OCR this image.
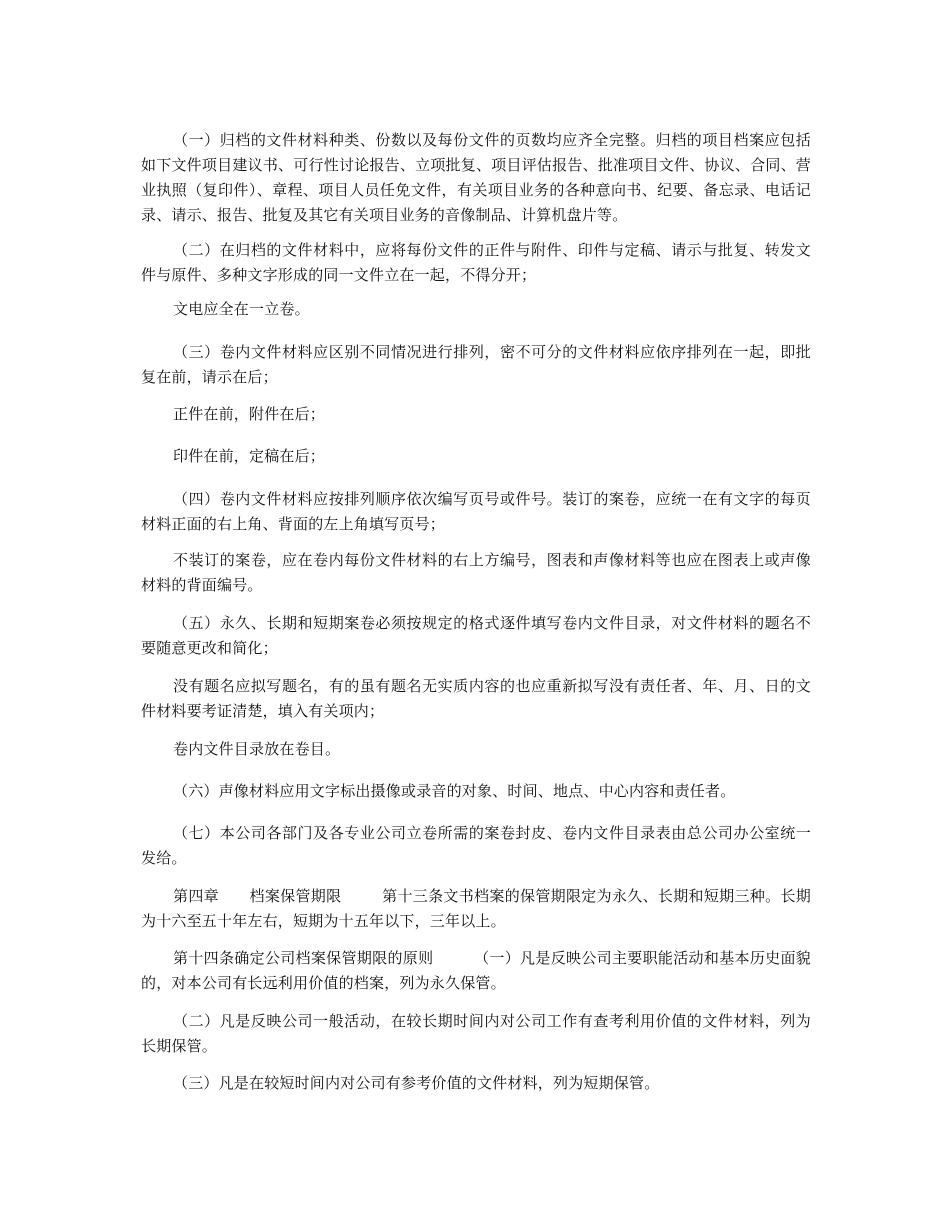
（一）归档的文件材料种类、份数以及每份文件的页数均应齐全完整。归档的项目档案应包括如下文件项目建议书、可行性讨论报告、立项批复、项目评估报告、批准项目文件、协议、合同、营业执照（复印件）、章程、项目人员任免文件，有关项目业务的各种意向书、纪要、备忘录、电话记录、请示、报告、批复及其它有关项目业务的音像制品、计算机盘片等。
（二）在归档的文件材料中，应将每份文件的正件与附件、印件与定稿、请示与批复、转发文件与原件、多种文字形成的同一文件立在一起，不得分开；
文电应全在一立卷。
（三）卷内文件材料应区别不同情况进行排列，密不可分的文件材料应依序排列在一起，即批复在前，请示在后；
正件在前，附件在后；
印件在前，定稿在后；
（四）卷内文件材料应按排列顺序依次编写页号或件号。装订的案卷，应统一在有文字的每页材料正面的右上角、背面的左上角填写页号；
不装订的案卷，应在卷内每份文件材料的右上方编号，图表和声像材料等也应在图表上或声像材料的背面编号。
（五）永久、长期和短期案卷必须按规定的格式逐件填写卷内文件目录，对文件材料的题名不要随意更改和简化；
没有题名应拟写题名，有的虽有题名无实质内容的也应重新拟写没有责任者、年、月、日的文件材料要考证清楚，填入有关项内；
卷内文件目录放在卷目。
（六）声像材料应用文字标出摄像或录音的对象、时间、地点、中心内容和责任者。
（七）本公司各部门及各专业公司立卷所需的案卷封皮、卷内文件目录表由总公司办公室统一发给。
第四章      档案保管期限        第十三条文书档案的保管期限定为永久、长期和短期三种。长期为十六至五十年左右，短期为十五年以下，三年以上。
第十四条确定公司档案保管期限的原则        （一）凡是反映公司主要职能活动和基本历史面貌的，对本公司有长远利用价值的档案，列为永久保管。
（二）凡是反映公司一般活动，在较长期时间内对公司工作有查考利用价值的文件材料，列为长期保管。
（三）凡是在较短时间内对公司有参考价值的文件材料，列为短期保管。
